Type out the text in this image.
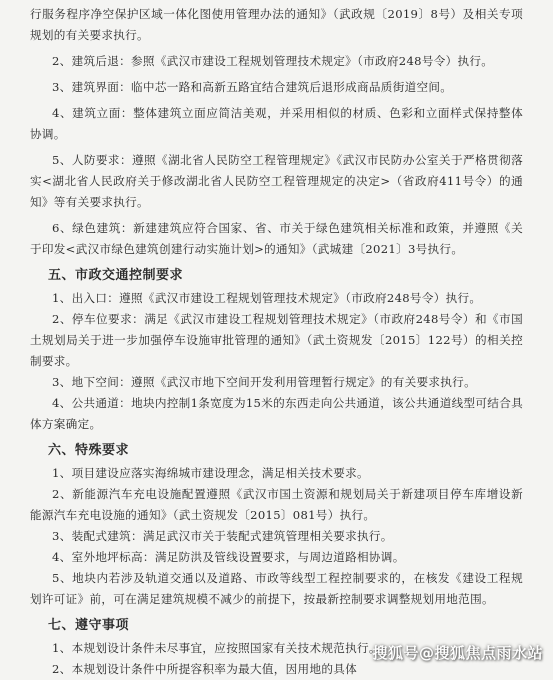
行服务程序净空保护区域一体化图使用管理办法的通知》（武政规〔2019〕8号）及相关专项规划的有关要求执行。

2、建筑后退：参照《武汉市建设工程规划管理技术规定》（市政府248号令）执行。

3、建筑界面：临中芯一路和高新五路宜结合建筑后退形成商品质街道空间。

4、建筑立面：整体建筑立面应简洁美观，并采用相似的材质、色彩和立面样式保持整体协调。

5、人防要求：遵照《湖北省人民防空工程管理规定》《武汉市民防办公室关于严格贯彻落实<湖北省人民政府关于修改湖北省人民防空工程管理规定的决定>（省政府411号令）的通知》等有关要求执行。

6、绿色建筑：新建建筑应符合国家、省、市关于绿色建筑相关标准和政策，并遵照《关于印发<武汉市绿色建筑创建行动实施计划>的通知》（武城建〔2021〕3号执行。

五、市政交通控制要求

1、出入口：遵照《武汉市建设工程规划管理技术规定》（市政府248号令）执行。

2、停车位要求：满足《武汉市建设工程规划管理技术规定》（市政府248号令）和《市国土规划局关于进一步加强停车设施审批管理的通知》（武土资规发〔2015〕122号）的相关控制要求。

3、地下空间：遵照《武汉市地下空间开发利用管理暂行规定》的有关要求执行。

4、公共通道：地块内控制1条宽度为15米的东西走向公共通道，该公共通道线型可结合具体方案确定。

六、特殊要求

1、项目建设应落实海绵城市建设理念，满足相关技术要求。

2、新能源汽车充电设施配置遵照《武汉市国土资源和规划局关于新建项目停车库增设新能源汽车充电设施的通知》（武土资规发〔2015〕081号）执行。

3、装配式建筑：满足武汉市关于装配式建筑管理相关要求执行。

4、室外地坪标高：满足防洪及管线设置要求，与周边道路相协调。

5、地块内若涉及轨道交通以及道路、市政等线型工程控制要求的，在核发《建设工程规划许可证》前，可在满足建筑规模不减少的前提下，按最新控制要求调整规划用地范围。

七、遵守事项

1、本规划设计条件未尽事宜，应按照国家有关技术规范执行。

2、本规划设计条件中所提容积率为最大值，因用地的具体

搜狐号@搜狐焦点雨水站
